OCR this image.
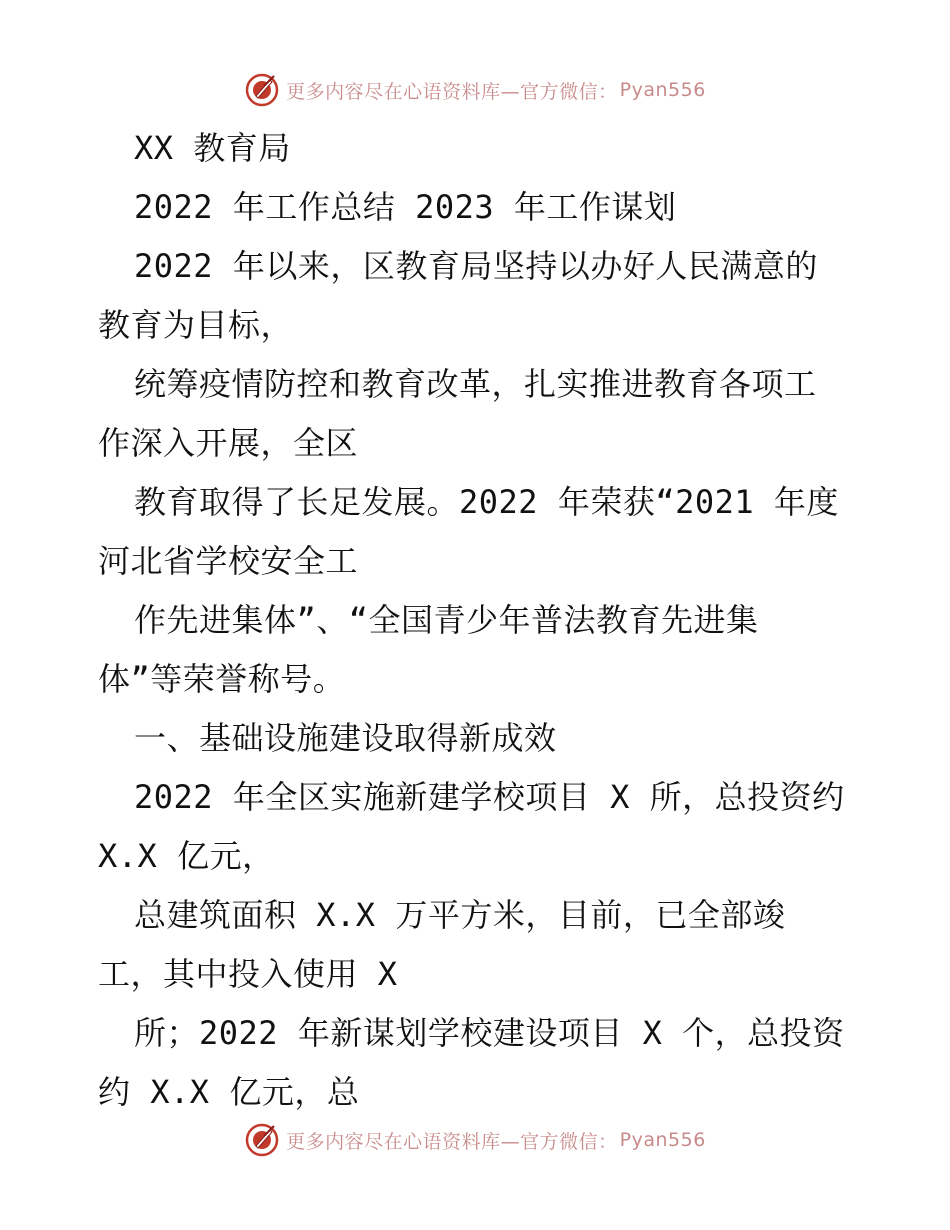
更多内容尽在心语资料库—官方微信： Pyan556
XX 教育局
2022 年工作总结 2023 年工作谋划
2022 年以来，区教育局坚持以办好人民满意的
教育为目标，
统筹疫情防控和教育改革，扎实推进教育各项工
作深入开展，全区
教育取得了长足发展。2022 年荣获“2021 年度
河北省学校安全工
作先进集体”、“全国青少年普法教育先进集
体”等荣誉称号。
一、基础设施建设取得新成效
2022 年全区实施新建学校项目 X 所，总投资约
X.X 亿元，
总建筑面积 X.X 万平方米，目前，已全部竣
工，其中投入使用 X
所；2022 年新谋划学校建设项目 X 个，总投资
约 X.X 亿元，总
更多内容尽在心语资料库—官方微信： Pyan556
